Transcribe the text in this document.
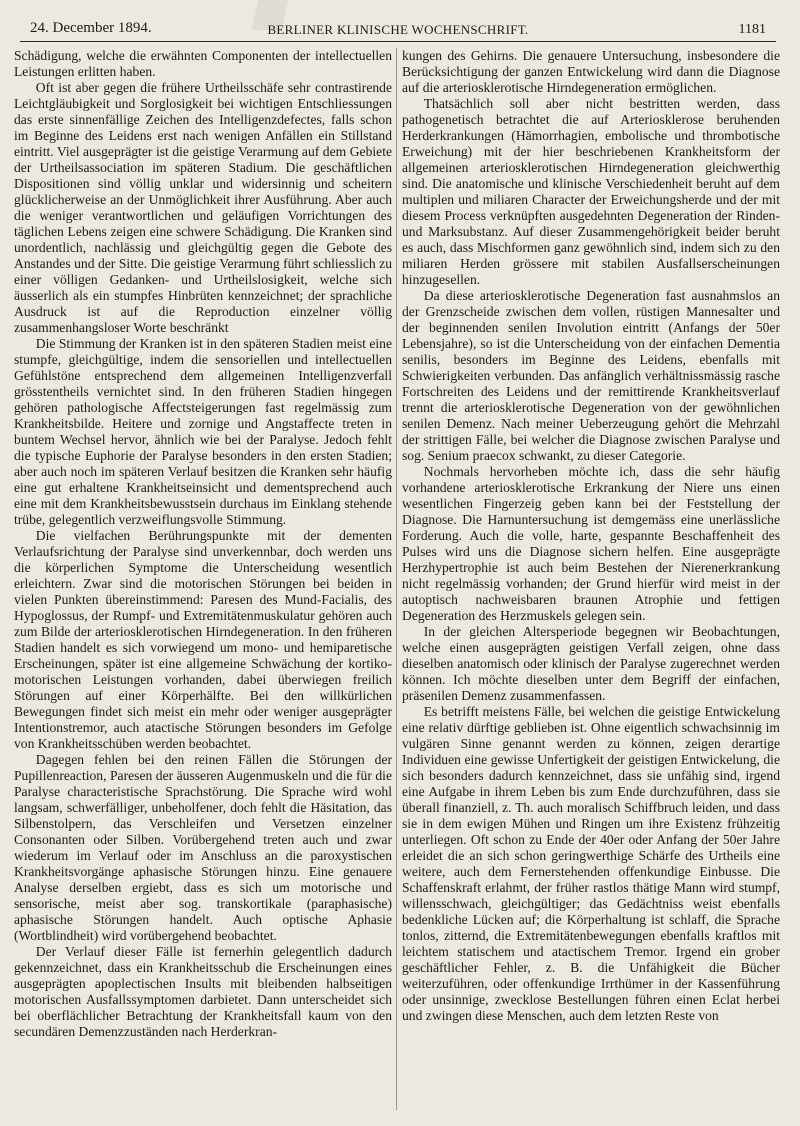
24. December 1894.	BERLINER KLINISCHE WOCHENSCHRIFT.	1181

Schädigung, welche die erwähnten Componenten der intellectuellen Leistungen erlitten haben.

Oft ist aber gegen die frühere Urtheilsschäfe sehr contrastirende Leichtgläubigkeit und Sorglosigkeit bei wichtigen Entschliessungen das erste sinnenfällige Zeichen des Intelligenzdefectes, falls schon im Beginne des Leidens erst nach wenigen Anfällen ein Stillstand eintritt. Viel ausgeprägter ist die geistige Verarmung auf dem Gebiete der Urtheilsassociation im späteren Stadium. Die geschäftlichen Dispositionen sind völlig unklar und widersinnig und scheitern glücklicherweise an der Unmöglichkeit ihrer Ausführung. Aber auch die weniger verantwortlichen und geläufigen Vorrichtungen des täglichen Lebens zeigen eine schwere Schädigung. Die Kranken sind unordentlich, nachlässig und gleichgültig gegen die Gebote des Anstandes und der Sitte. Die geistige Verarmung führt schliesslich zu einer völligen Gedanken- und Urtheilslosigkeit, welche sich äusserlich als ein stumpfes Hinbrüten kennzeichnet; der sprachliche Ausdruck ist auf die Reproduction einzelner völlig zusammenhangsloser Worte beschränkt

Die Stimmung der Kranken ist in den späteren Stadien meist eine stumpfe, gleichgültige, indem die sensoriellen und intellectuellen Gefühlstöne entsprechend dem allgemeinen Intelligenzverfall grösstentheils vernichtet sind. In den früheren Stadien hingegen gehören pathologische Affectsteigerungen fast regelmässig zum Krankheitsbilde. Heitere und zornige und Angstaffecte treten in buntem Wechsel hervor, ähnlich wie bei der Paralyse. Jedoch fehlt die typische Euphorie der Paralyse besonders in den ersten Stadien; aber auch noch im späteren Verlauf besitzen die Kranken sehr häufig eine gut erhaltene Krankheitseinsicht und dementsprechend auch eine mit dem Krankheitsbewusstsein durchaus im Einklang stehende trübe, gelegentlich verzweiflungsvolle Stimmung.

Die vielfachen Berührungspunkte mit der dementen Verlaufsrichtung der Paralyse sind unverkennbar, doch werden uns die körperlichen Symptome die Unterscheidung wesentlich erleichtern. Zwar sind die motorischen Störungen bei beiden in vielen Punkten übereinstimmend: Paresen des Mund-Facialis, des Hypoglossus, der Rumpf- und Extremitätenmuskulatur gehören auch zum Bilde der arteriosklerotischen Hirndegeneration. In den früheren Stadien handelt es sich vorwiegend um mono- und hemiparetische Erscheinungen, später ist eine allgemeine Schwächung der kortiko-motorischen Leistungen vorhanden, dabei überwiegen freilich Störungen auf einer Körperhälfte. Bei den willkürlichen Bewegungen findet sich meist ein mehr oder weniger ausgeprägter Intentionstremor, auch atactische Störungen besonders im Gefolge von Krankheitsschüben werden beobachtet.

Dagegen fehlen bei den reinen Fällen die Störungen der Pupillenreaction, Paresen der äusseren Augenmuskeln und die für die Paralyse characteristische Sprachstörung. Die Sprache wird wohl langsam, schwerfälliger, unbeholfener, doch fehlt die Häsitation, das Silbenstolpern, das Verschleifen und Versetzen einzelner Consonanten oder Silben. Vorübergehend treten auch und zwar wiederum im Verlauf oder im Anschluss an die paroxystischen Krankheitsvorgänge aphasische Störungen hinzu. Eine genauere Analyse derselben ergiebt, dass es sich um motorische und sensorische, meist aber sog. transkortikale (paraphasische) aphasische Störungen handelt. Auch optische Aphasie (Wortblindheit) wird vorübergehend beobachtet.

Der Verlauf dieser Fälle ist fernerhin gelegentlich dadurch gekennzeichnet, dass ein Krankheitsschub die Erscheinungen eines ausgeprägten apoplectischen Insults mit bleibenden halbseitigen motorischen Ausfallssymptomen darbietet. Dann unterscheidet sich bei oberflächlicher Betrachtung der Krankheitsfall kaum von den secundären Demenzzuständen nach Herderkran-

kungen des Gehirns. Die genauere Untersuchung, insbesondere die Berücksichtigung der ganzen Entwickelung wird dann die Diagnose auf die arteriosklerotische Hirndegeneration ermöglichen.

Thatsächlich soll aber nicht bestritten werden, dass pathogenetisch betrachtet die auf Arteriosklerose beruhenden Herderkrankungen (Hämorrhagien, embolische und thrombotische Erweichung) mit der hier beschriebenen Krankheitsform der allgemeinen arteriosklerotischen Hirndegeneration gleichwerthig sind. Die anatomische und klinische Verschiedenheit beruht auf dem multiplen und miliaren Character der Erweichungsherde und der mit diesem Process verknüpften ausgedehnten Degeneration der Rinden- und Marksubstanz. Auf dieser Zusammengehörigkeit beider beruht es auch, dass Mischformen ganz gewöhnlich sind, indem sich zu den miliaren Herden grössere mit stabilen Ausfallserscheinungen hinzugesellen.

Da diese arteriosklerotische Degeneration fast ausnahmslos an der Grenzscheide zwischen dem vollen, rüstigen Mannesalter und der beginnenden senilen Involution eintritt (Anfangs der 50er Lebensjahre), so ist die Unterscheidung von der einfachen Dementia senilis, besonders im Beginne des Leidens, ebenfalls mit Schwierigkeiten verbunden. Das anfänglich verhältnissmässig rasche Fortschreiten des Leidens und der remittirende Krankheitsverlauf trennt die arteriosklerotische Degeneration von der gewöhnlichen senilen Demenz. Nach meiner Ueberzeugung gehört die Mehrzahl der strittigen Fälle, bei welcher die Diagnose zwischen Paralyse und sog. Senium praecox schwankt, zu dieser Categorie.

Nochmals hervorheben möchte ich, dass die sehr häufig vorhandene arteriosklerotische Erkrankung der Niere uns einen wesentlichen Fingerzeig geben kann bei der Feststellung der Diagnose. Die Harnuntersuchung ist demgemäss eine unerlässliche Forderung. Auch die volle, harte, gespannte Beschaffenheit des Pulses wird uns die Diagnose sichern helfen. Eine ausgeprägte Herzhypertrophie ist auch beim Bestehen der Nierenerkrankung nicht regelmässig vorhanden; der Grund hierfür wird meist in der autoptisch nachweisbaren braunen Atrophie und fettigen Degeneration des Herzmuskels gelegen sein.

In der gleichen Altersperiode begegnen wir Beobachtungen, welche einen ausgeprägten geistigen Verfall zeigen, ohne dass dieselben anatomisch oder klinisch der Paralyse zugerechnet werden können. Ich möchte dieselben unter dem Begriff der einfachen, präsenilen Demenz zusammenfassen.

Es betrifft meistens Fälle, bei welchen die geistige Entwickelung eine relativ dürftige geblieben ist. Ohne eigentlich schwachsinnig im vulgären Sinne genannt werden zu können, zeigen derartige Individuen eine gewisse Unfertigkeit der geistigen Entwickelung, die sich besonders dadurch kennzeichnet, dass sie unfähig sind, irgend eine Aufgabe in ihrem Leben bis zum Ende durchzuführen, dass sie überall finanziell, z. Th. auch moralisch Schiffbruch leiden, und dass sie in dem ewigen Mühen und Ringen um ihre Existenz frühzeitig unterliegen. Oft schon zu Ende der 40er oder Anfang der 50er Jahre erleidet die an sich schon geringwerthige Schärfe des Urtheils eine weitere, auch dem Fernerstehenden offenkundige Einbusse. Die Schaffenskraft erlahmt, der früher rastlos thätige Mann wird stumpf, willensschwach, gleichgültiger; das Gedächtniss weist ebenfalls bedenkliche Lücken auf; die Körperhaltung ist schlaff, die Sprache tonlos, zitternd, die Extremitätenbewegungen ebenfalls kraftlos mit leichtem statischem und atactischem Tremor. Irgend ein grober geschäftlicher Fehler, z. B. die Unfähigkeit die Bücher weiterzuführen, oder offenkundige Irrthümer in der Kassenführung oder unsinnige, zwecklose Bestellungen führen einen Eclat herbei und zwingen diese Menschen, auch dem letzten Reste von
